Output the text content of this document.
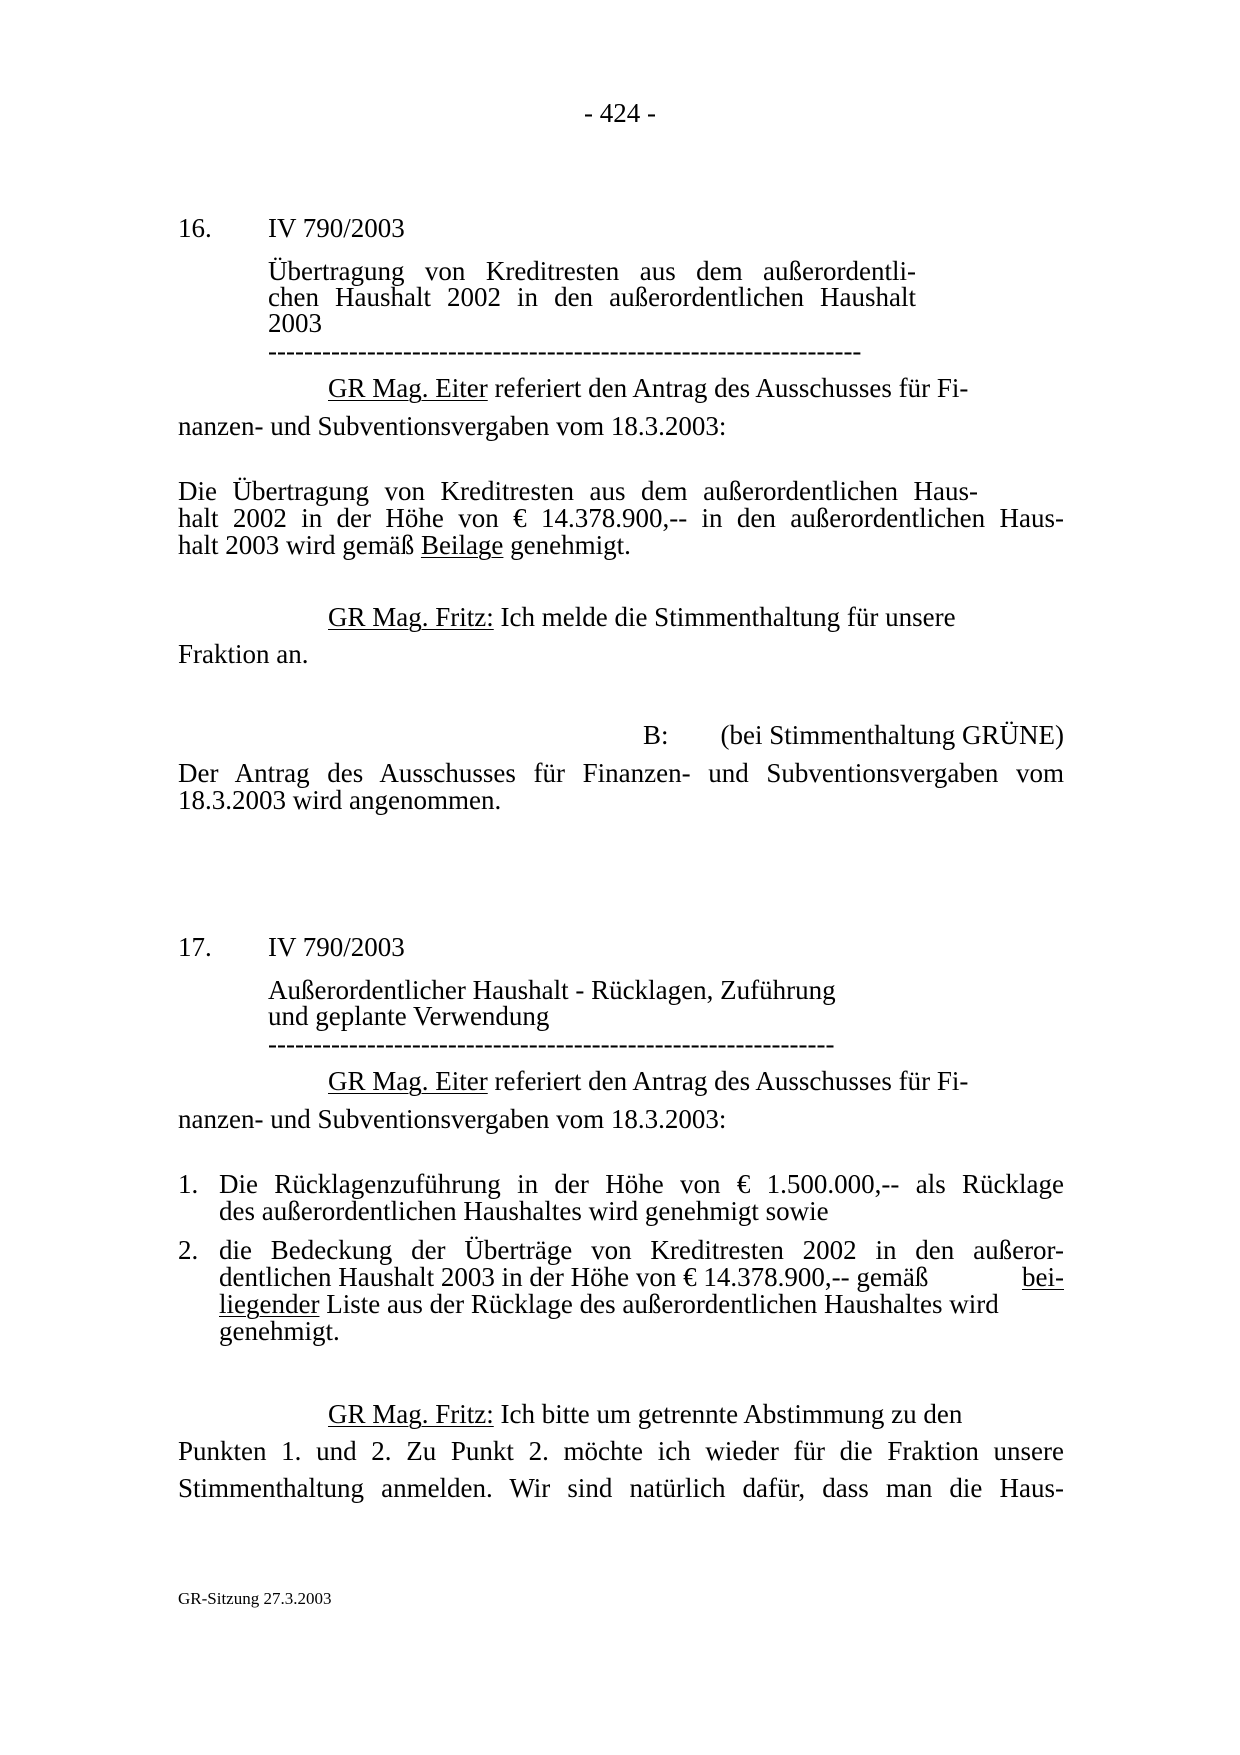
- 424 -
16. IV 790/2003
Übertragung von Kreditresten aus dem außerordentli-
chen Haushalt 2002 in den außerordentlichen Haushalt
2003
------------------------------------------------------------------
GR Mag. Eiter referiert den Antrag des Ausschusses für Fi-
nanzen- und Subventionsvergaben vom 18.3.2003:
Die Übertragung von Kreditresten aus dem außerordentlichen Haus-
halt 2002 in der Höhe von € 14.378.900,-- in den außerordentlichen Haus-
halt 2003 wird gemäß Beilage genehmigt.
GR Mag. Fritz: Ich melde die Stimmenthaltung für unsere
Fraktion an.
B:	(bei Stimmenthaltung GRÜNE)
Der Antrag des Ausschusses für Finanzen- und Subventionsvergaben vom
18.3.2003 wird angenommen.
17. IV 790/2003
Außerordentlicher Haushalt - Rücklagen, Zuführung
und geplante Verwendung
---------------------------------------------------------------
GR Mag. Eiter referiert den Antrag des Ausschusses für Fi-
nanzen- und Subventionsvergaben vom 18.3.2003:
1. Die Rücklagenzuführung in der Höhe von € 1.500.000,-- als Rücklage
des außerordentlichen Haushaltes wird genehmigt sowie
2. die Bedeckung der Überträge von Kreditresten 2002 in den außeror-
dentlichen Haushalt 2003 in der Höhe von € 14.378.900,-- gemäß	bei-
liegender Liste aus der Rücklage des außerordentlichen Haushaltes wird
genehmigt.
GR Mag. Fritz: Ich bitte um getrennte Abstimmung zu den
Punkten 1. und 2. Zu Punkt 2. möchte ich wieder für die Fraktion unsere
Stimmenthaltung anmelden. Wir sind natürlich dafür, dass man die Haus-
GR-Sitzung 27.3.2003
